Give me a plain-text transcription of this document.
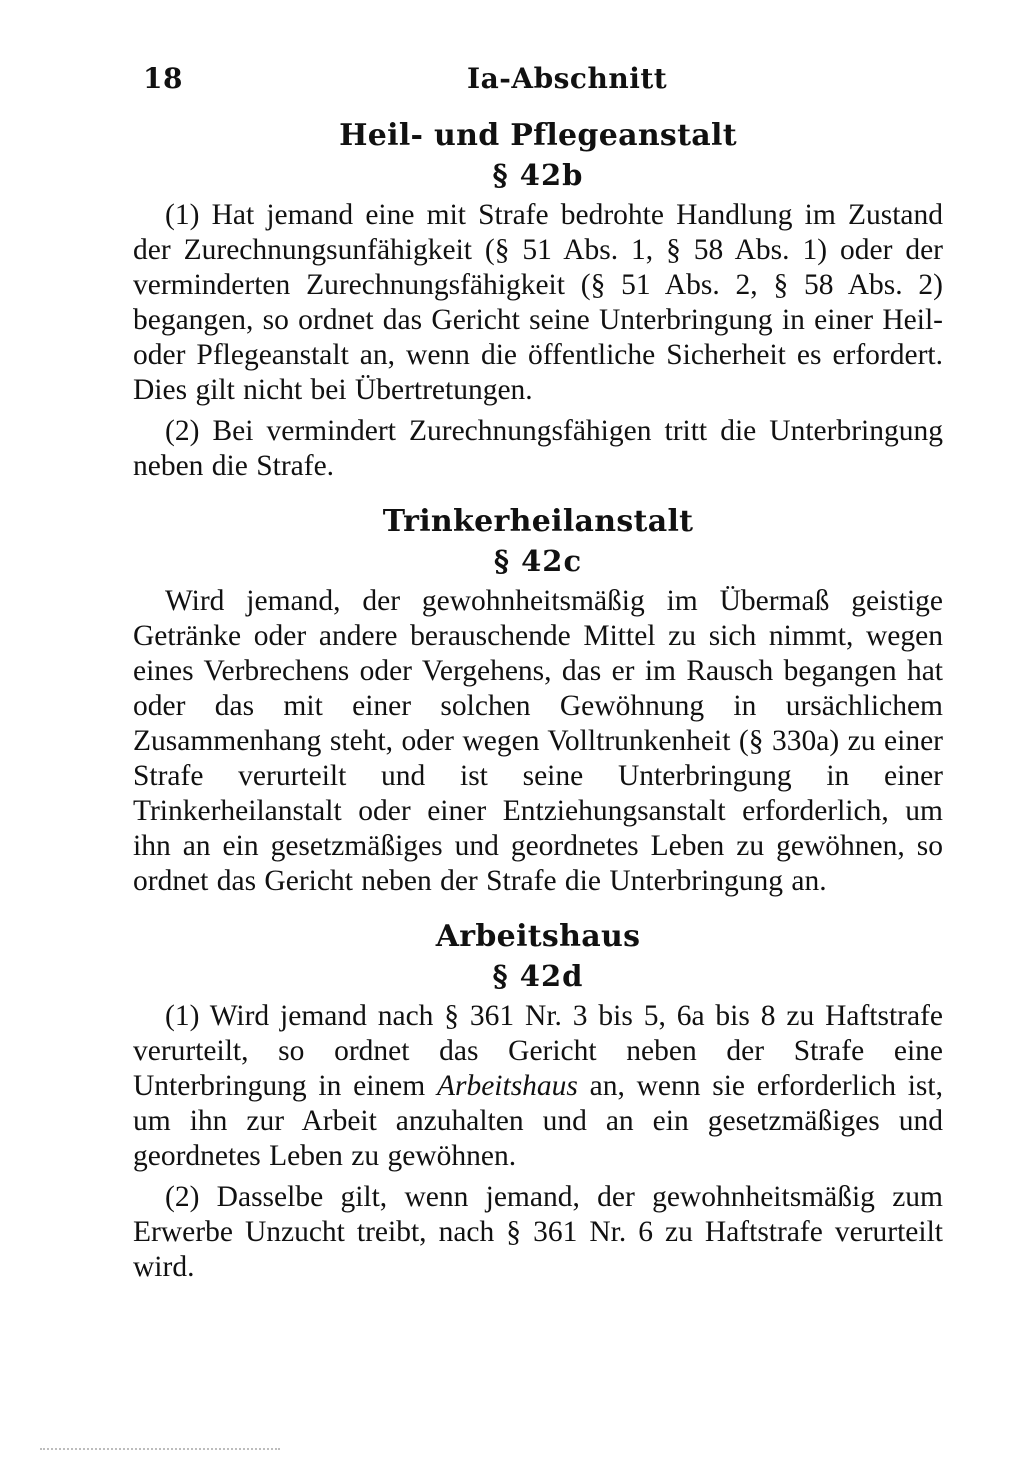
18	Ia-Abschnitt
Heil- und Pflegeanstalt
§ 42b

(1) Hat jemand eine mit Strafe bedrohte Handlung im Zustand der Zurechnungsunfähigkeit (§ 51 Abs. 1, § 58 Abs. 1) oder der verminderten Zurechnungsfähigkeit (§ 51 Abs. 2, § 58 Abs. 2) begangen, so ordnet das Gericht seine Unterbringung in einer Heil- oder Pflegeanstalt an, wenn die öffentliche Sicherheit es erfordert. Dies gilt nicht bei Übertretungen.

(2) Bei vermindert Zurechnungsfähigen tritt die Unterbringung neben die Strafe.

Trinkerheilanstalt
§ 42c

Wird jemand, der gewohnheitsmäßig im Übermaß geistige Getränke oder andere berauschende Mittel zu sich nimmt, wegen eines Verbrechens oder Vergehens, das er im Rausch begangen hat oder das mit einer solchen Gewöhnung in ursächlichem Zusammenhang steht, oder wegen Volltrunkenheit (§ 330a) zu einer Strafe verurteilt und ist seine Unterbringung in einer Trinkerheilanstalt oder einer Entziehungsanstalt erforderlich, um ihn an ein gesetzmäßiges und geordnetes Leben zu gewöhnen, so ordnet das Gericht neben der Strafe die Unterbringung an.

Arbeitshaus
§ 42d

(1) Wird jemand nach § 361 Nr. 3 bis 5, 6a bis 8 zu Haftstrafe verurteilt, so ordnet das Gericht neben der Strafe eine Unterbringung in einem Arbeitshaus an, wenn sie erforderlich ist, um ihn zur Arbeit anzuhalten und an ein gesetzmäßiges und geordnetes Leben zu gewöhnen.

(2) Dasselbe gilt, wenn jemand, der gewohnheitsmäßig zum Erwerbe Unzucht treibt, nach § 361 Nr. 6 zu Haftstrafe verurteilt wird.
